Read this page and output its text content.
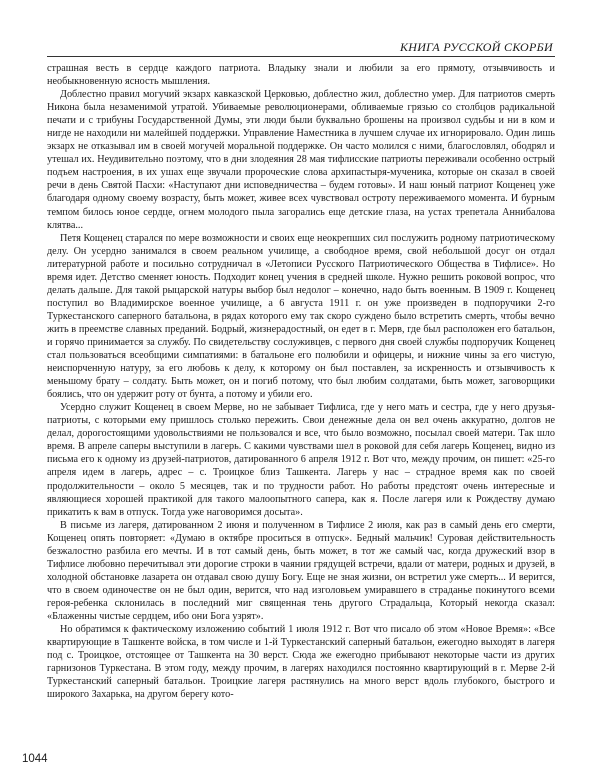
КНИГА РУССКОЙ СКОРБИ

страшная весть в сердце каждого патриота. Владыку знали и любили за его прямоту, отзывчивость и необыкновенную ясность мышления.

Доблестно правил могучий экзарх кавказской Церковью, доблестно жил, доблестно умер. Для патриотов смерть Никона была незаменимой утратой. Убиваемые революционерами, обливаемые грязью со столбцов радикальной печати и с трибуны Государственной Думы, эти люди были буквально брошены на произвол судьбы и ни в ком и нигде не находили ни малейшей поддержки. Управление Наместника в лучшем случае их игнорировало. Один лишь экзарх не отказывал им в своей могучей моральной поддержке. Он часто молился с ними, благословлял, ободрял и утешал их. Неудивительно поэтому, что в дни злодеяния 28 мая тифлисские патриоты переживали особенно острый подъем настроения, в их ушах еще звучали пророческие слова архипастыря-мученика, которые он сказал в своей речи в день Святой Пасхи: «Наступают дни исповедничества – будем готовы». И наш юный патриот Кощенец уже благодаря одному своему возрасту, быть может, живее всех чувствовал остроту переживаемого момента. И бурным темпом билось юное сердце, огнем молодого пыла загорались еще детские глаза, на устах трепетала Аннибалова клятва...

Петя Кощенец старался по мере возможности и своих еще неокрепших сил послужить родному патриотическому делу. Он усердно занимался в своем реальном училище, а свободное время, свой небольшой досуг он отдал литературной работе и посильно сотрудничал в «Летописи Русского Патриотического Общества в Тифлисе». Но время идет. Детство сменяет юность. Подходит конец учения в средней школе. Нужно решить роковой вопрос, что делать дальше. Для такой рыцарской натуры выбор был недолог – конечно, надо быть военным. В 1909 г. Кощенец поступил во Владимирское военное училище, а 6 августа 1911 г. он уже произведен в подпоручики 2-го Туркестанского саперного батальона, в рядах которого ему так скоро суждено было встретить смерть, чтобы вечно жить в преемстве славных преданий. Бодрый, жизнерадостный, он едет в г. Мерв, где был расположен его батальон, и горячо принимается за службу. По свидетельству сослуживцев, с первого дня своей службы подпоручик Кощенец стал пользоваться всеобщими симпатиями: в батальоне его полюбили и офицеры, и нижние чины за его чистую, неиспорченную натуру, за его любовь к делу, к которому он был поставлен, за искренность и отзывчивость к меньшому брату – солдату. Быть может, он и погиб потому, что был любим солдатами, быть может, заговорщики боялись, что он удержит роту от бунта, а потому и убили его.

Усердно служит Кощенец в своем Мерве, но не забывает Тифлиса, где у него мать и сестра, где у него друзья-патриоты, с которыми ему пришлось столько пережить. Свои денежные дела он вел очень аккуратно, долгов не делал, дорогостоящими удовольствиями не пользовался и все, что было возможно, посылал своей матери. Так шло время. В апреле саперы выступили в лагерь. С какими чувствами шел в роковой для себя лагерь Кощенец, видно из письма его к одному из друзей-патриотов, датированного 6 апреля 1912 г. Вот что, между прочим, он пишет: «25-го апреля идем в лагерь, адрес – с. Троицкое близ Ташкента. Лагерь у нас – страдное время как по своей продолжительности – около 5 месяцев, так и по трудности работ. Но работы предстоят очень интересные и являющиеся хорошей практикой для такого малоопытного сапера, как я. После лагеря или к Рождеству думаю прикатить к вам в отпуск. Тогда уже наговоримся досыта».

В письме из лагеря, датированном 2 июня и полученном в Тифлисе 2 июля, как раз в самый день его смерти, Кощенец опять повторяет: «Думаю в октябре проситься в отпуск». Бедный мальчик! Суровая действительность безжалостно разбила его мечты. И в тот самый день, быть может, в тот же самый час, когда дружеский взор в Тифлисе любовно перечитывал эти дорогие строки в чаянии грядущей встречи, вдали от матери, родных и друзей, в холодной обстановке лазарета он отдавал свою душу Богу. Еще не зная жизни, он встретил уже смерть... И верится, что в своем одиночестве он не был один, верится, что над изголовьем умиравшего в страданье покинутого всеми героя-ребенка склонилась в последний миг священная тень другого Страдальца, Который некогда сказал: «Блаженны чистые сердцем, ибо они Бога узрят».

Но обратимся к фактическому изложению событий 1 июля 1912 г. Вот что писало об этом «Новое Время»: «Все квартирующие в Ташкенте войска, в том числе и 1-й Туркестанский саперный батальон, ежегодно выходят в лагеря под с. Троицкое, отстоящее от Ташкента на 30 верст. Сюда же ежегодно прибывают некоторые части из других гарнизонов Туркестана. В этом году, между прочим, в лагерях находился постоянно квартирующий в г. Мерве 2-й Туркестанский саперный батальон. Троицкие лагеря растянулись на много верст вдоль глубокого, быстрого и широкого Захарька, на другом берегу кото-

1044
